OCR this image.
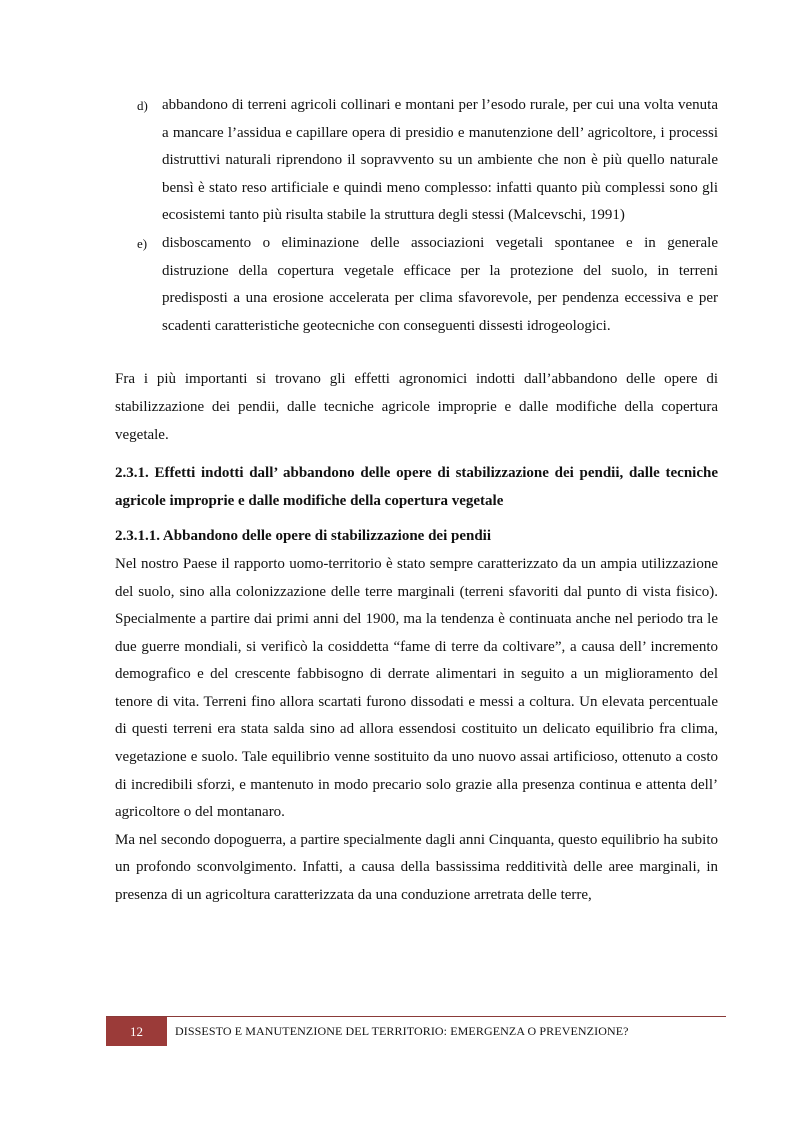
d) abbandono di terreni agricoli collinari e montani per l’esodo rurale, per cui una volta venuta a mancare l’assidua e capillare opera di presidio e manutenzione dell’ agricoltore, i processi distruttivi naturali riprendono il sopravvento su un ambiente che non è più quello naturale bensì è stato reso artificiale e quindi meno complesso: infatti quanto più complessi sono gli ecosistemi tanto più risulta stabile la struttura degli stessi (Malcevschi, 1991)
e) disboscamento o eliminazione delle associazioni vegetali spontanee e in generale distruzione della copertura vegetale efficace per la protezione del suolo, in terreni predisposti a una erosione accelerata per clima sfavorevole, per pendenza eccessiva e per scadenti caratteristiche geotecniche con conseguenti dissesti idrogeologici.

Fra i più importanti si trovano gli effetti agronomici indotti dall’abbandono delle opere di stabilizzazione dei pendii, dalle tecniche agricole improprie e dalle modifiche della copertura vegetale.

2.3.1. Effetti indotti dall’ abbandono delle opere di stabilizzazione dei pendii, dalle tecniche agricole improprie e dalle modifiche della copertura vegetale

2.3.1.1. Abbandono delle opere di stabilizzazione dei pendii

Nel nostro Paese il rapporto uomo-territorio è stato sempre caratterizzato da un ampia utilizzazione del suolo, sino alla colonizzazione delle terre marginali (terreni sfavoriti dal punto di vista fisico). Specialmente a partire dai primi anni del 1900, ma la tendenza è continuata anche nel periodo tra le due guerre mondiali, si verificò la cosiddetta “fame di terre da coltivare”, a causa dell’ incremento demografico e del crescente fabbisogno di derrate alimentari in seguito a un miglioramento del tenore di vita. Terreni fino allora scartati furono dissodati e messi a coltura. Un elevata percentuale di questi terreni era stata salda sino ad allora essendosi costituito un delicato equilibrio fra clima, vegetazione e suolo. Tale equilibrio venne sostituito da uno nuovo assai artificioso, ottenuto a costo di incredibili sforzi, e mantenuto in modo precario solo grazie alla presenza continua e attenta dell’ agricoltore o del montanaro.

Ma nel secondo dopoguerra, a partire specialmente dagli anni Cinquanta, questo equilibrio ha subito un profondo sconvolgimento. Infatti, a causa della bassissima redditività delle aree marginali, in presenza di un agricoltura caratterizzata da una conduzione arretrata delle terre,

12	DISSESTO E MANUTENZIONE DEL TERRITORIO: EMERGENZA O PREVENZIONE?
